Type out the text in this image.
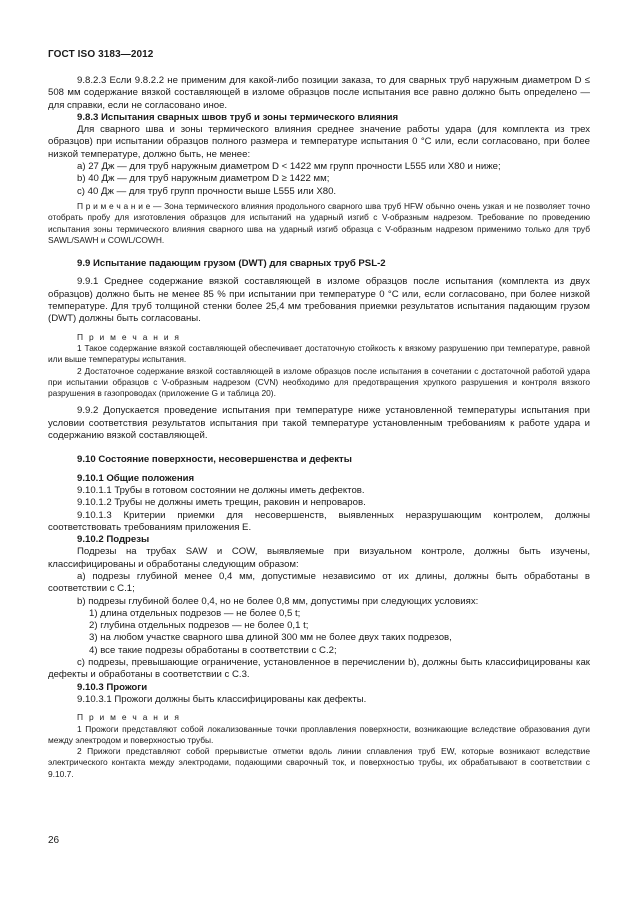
ГОСТ ISO 3183—2012

9.8.2.3 Если 9.8.2.2 не применим для какой-либо позиции заказа, то для сварных труб наружным диаметром D ≤ 508 мм содержание вязкой составляющей в изломе образцов после испытания все равно должно быть определено — для справки, если не согласовано иное.

9.8.3 Испытания сварных швов труб и зоны термического влияния

Для сварного шва и зоны термического влияния среднее значение работы удара (для комплекта из трех образцов) при испытании образцов полного размера и температуре испытания 0 °С или, если согласовано, при более низкой температуре, должно быть, не менее:

a) 27 Дж — для труб наружным диаметром D < 1422 мм групп прочности L555 или X80 и ниже;

b) 40 Дж — для труб наружным диаметром D ≥ 1422 мм;

c) 40 Дж — для труб групп прочности выше L555 или X80.

П р и м е ч а н и е — Зона термического влияния продольного сварного шва труб HFW обычно очень узкая и не позволяет точно отобрать пробу для изготовления образцов для испытаний на ударный изгиб с V-образным надрезом. Требование по проведению испытания зоны термического влияния сварного шва на ударный изгиб образца с V-образным надрезом применимо только для труб SAWL/SAWH и COWL/COWH.

9.9 Испытание падающим грузом (DWT) для сварных труб PSL-2

9.9.1 Среднее содержание вязкой составляющей в изломе образцов после испытания (комплекта из двух образцов) должно быть не менее 85 % при испытании при температуре 0 °С или, если согласовано, при более низкой температуре. Для труб толщиной стенки более 25,4 мм требования приемки результатов испытания падающим грузом (DWT) должны быть согласованы.

П р и м е ч а н и я

1 Такое содержание вязкой составляющей обеспечивает достаточную стойкость к вязкому разрушению при температуре, равной или выше температуры испытания.

2 Достаточное содержание вязкой составляющей в изломе образцов после испытания в сочетании с достаточной работой удара при испытании образцов с V-образным надрезом (CVN) необходимо для предотвращения хрупкого разрушения и контроля вязкого разрушения в газопроводах (приложение G и таблица 20).

9.9.2 Допускается проведение испытания при температуре ниже установленной температуры испытания при условии соответствия результатов испытания при такой температуре установленным требованиям к работе удара и содержанию вязкой составляющей.

9.10 Состояние поверхности, несовершенства и дефекты

9.10.1 Общие положения

9.10.1.1 Трубы в готовом состоянии не должны иметь дефектов.

9.10.1.2 Трубы не должны иметь трещин, раковин и непроваров.

9.10.1.3 Критерии приемки для несовершенств, выявленных неразрушающим контролем, должны соответствовать требованиям приложения Е.

9.10.2 Подрезы

Подрезы на трубах SAW и COW, выявляемые при визуальном контроле, должны быть изучены, классифицированы и обработаны следующим образом:

a) подрезы глубиной менее 0,4 мм, допустимые независимо от их длины, должны быть обработаны в соответствии с С.1;

b) подрезы глубиной более 0,4, но не более 0,8 мм, допустимы при следующих условиях:

1) длина отдельных подрезов — не более 0,5 t;

2) глубина отдельных подрезов — не более 0,1 t;

3) на любом участке сварного шва длиной 300 мм не более двух таких подрезов,

4) все такие подрезы обработаны в соответствии с С.2;

c) подрезы, превышающие ограничение, установленное в перечислении b), должны быть классифицированы как дефекты и обработаны в соответствии с С.3.

9.10.3 Прожоги

9.10.3.1 Прожоги должны быть классифицированы как дефекты.

П р и м е ч а н и я

1 Прожоги представляют собой локализованные точки проплавления поверхности, возникающие вследствие образования дуги между электродом и поверхностью трубы.

2 Прижоги представляют собой прерывистые отметки вдоль линии сплавления труб EW, которые возникают вследствие электрического контакта между электродами, подающими сварочный ток, и поверхностью трубы, их обрабатывают в соответствии с 9.10.7.

26
